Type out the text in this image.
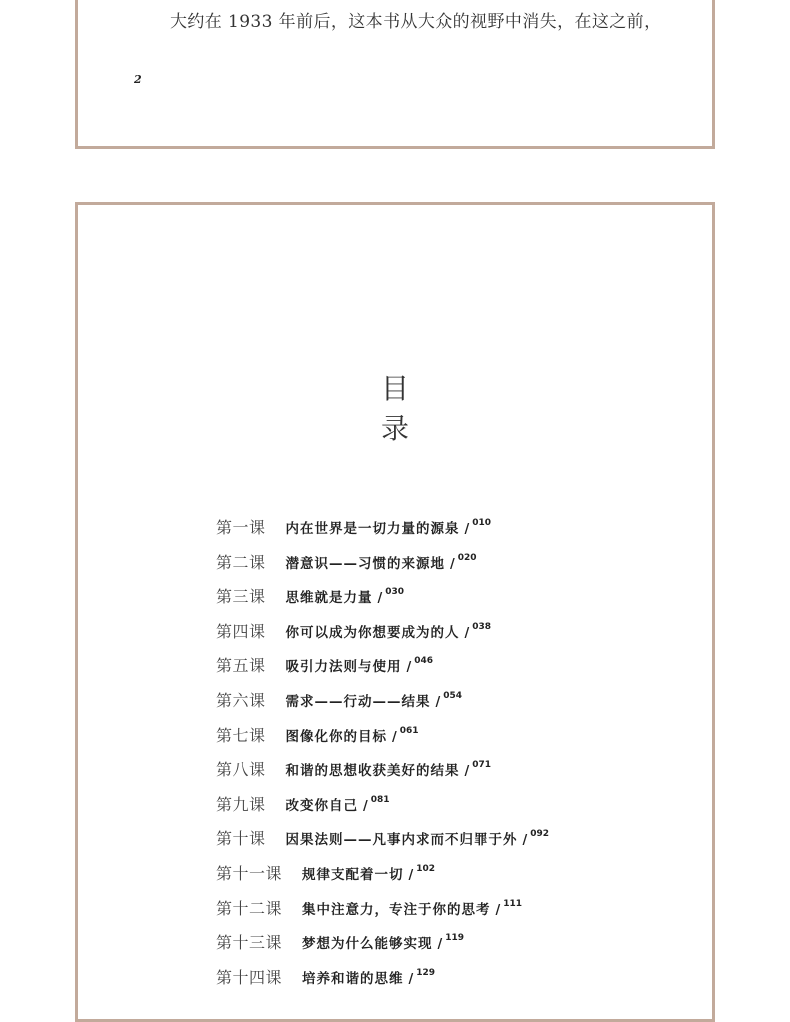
大约在 1933 年前后，这本书从大众的视野中消失，在这之前，
2
目
录
第一课 内在世界是一切力量的源泉 / $^{010}$
第二课 潜意识——习惯的来源地 / $^{020}$
第三课 思维就是力量 / $^{030}$
第四课 你可以成为你想要成为的人 / $^{038}$
第五课 吸引力法则与使用 / $^{046}$
第六课 需求——行动——结果 / $^{054}$
第七课 图像化你的目标 / $^{061}$
第八课 和谐的思想收获美好的结果 / $^{071}$
第九课 改变你自己 / $^{081}$
第十课 因果法则——凡事内求而不归罪于外 / $^{092}$
第十一课 规律支配着一切 / $^{102}$
第十二课 集中注意力，专注于你的思考 / $^{111}$
第十三课 梦想为什么能够实现 / $^{119}$
第十四课 培养和谐的思维 / $^{129}$
